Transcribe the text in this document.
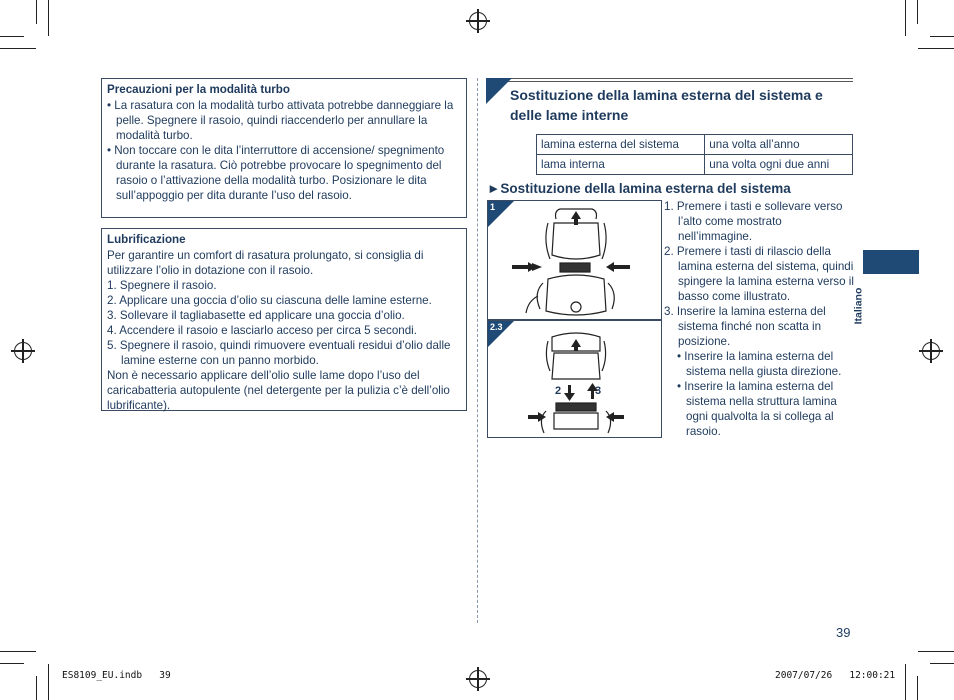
Precauzioni per la modalità turbo
• La rasatura con la modalità turbo attivata potrebbe danneggiare la pelle. Spegnere il rasoio, quindi riaccenderlo per annullare la modalità turbo.
• Non toccare con le dita l’interruttore di accensione/ spegnimento durante la rasatura. Ciò potrebbe provocare lo spegnimento del rasoio o l’attivazione della modalità turbo. Posizionare le dita sull’appoggio per dita durante l’uso del rasoio.
Lubrificazione

Per garantire un comfort di rasatura prolungato, si consiglia di utilizzare l’olio in dotazione con il rasoio.

1. Spegnere il rasoio.
2. Applicare una goccia d’olio su ciascuna delle lamine esterne.
3. Sollevare il tagliabasette ed applicare una goccia d’olio.
4. Accendere il rasoio e lasciarlo acceso per circa 5 secondi.
5. Spegnere il rasoio, quindi rimuovere eventuali residui d’olio dalle lamine esterne con un panno morbido.

Non è necessario applicare dell’olio sulle lame dopo l’uso del caricabatteria autopulente (nel detergente per la pulizia c’è dell’olio lubrificante).

Sostituzione della lamina esterna del sistema e delle lame interne
lamina esterna del sistema	una volta all’anno
lama interna	una volta ogni due anni
►Sostituzione della lamina esterna del sistema
1
2.3
2	3
1. Premere i tasti e sollevare verso l’alto come mostrato nell’immagine.
2. Premere i tasti di rilascio della lamina esterna del sistema, quindi spingere la lamina esterna verso il basso come illustrato.
3. Inserire la lamina esterna del sistema finché non scatta in posizione.
• Inserire la lamina esterna del sistema nella giusta direzione.
• Inserire la lamina esterna del sistema nella struttura lamina ogni qualvolta la si collega al rasoio.
Italiano
39
ES8109_EU.indb   39	2007/07/26   12:00:21
